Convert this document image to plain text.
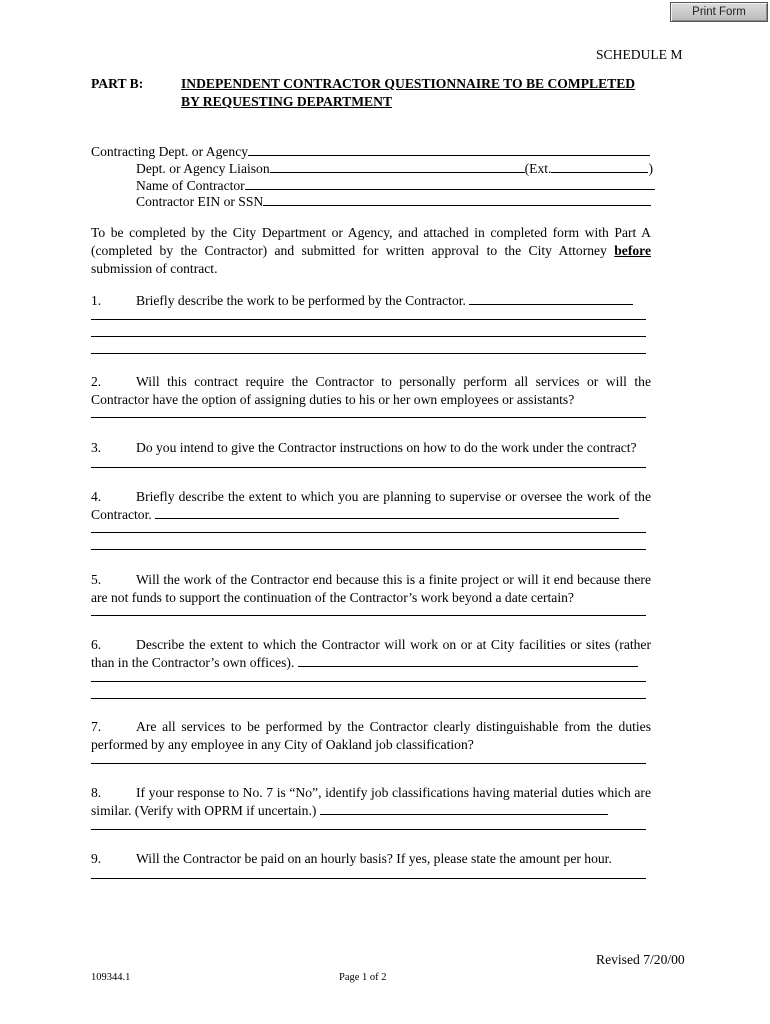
Print Form
SCHEDULE M
PART B:	INDEPENDENT CONTRACTOR QUESTIONNAIRE TO BE COMPLETED
BY REQUESTING DEPARTMENT
Contracting Dept. or Agency
Dept. or Agency Liaison	(Ext.	)
Name of Contractor
Contractor EIN or SSN
To be completed by the City Department or Agency, and attached in completed form with Part A (completed by the Contractor) and submitted for written approval to the City Attorney before submission of contract.
1.	Briefly describe the work to be performed by the Contractor.
2.	Will this contract require the Contractor to personally perform all services or will the Contractor have the option of assigning duties to his or her own employees or assistants?
3.	Do you intend to give the Contractor instructions on how to do the work under the contract?
4.	Briefly describe the extent to which you are planning to supervise or oversee the work of the Contractor.
5.	Will the work of the Contractor end because this is a finite project or will it end because there are not funds to support the continuation of the Contractor’s work beyond a date certain?
6.	Describe the extent to which the Contractor will work on or at City facilities or sites (rather than in the Contractor’s own offices).
7.	Are all services to be performed by the Contractor clearly distinguishable from the duties performed by any employee in any City of Oakland job classification?
8.	If your response to No. 7 is “No”, identify job classifications having material duties which are similar. (Verify with OPRM if uncertain.)
9.	Will the Contractor be paid on an hourly basis? If yes, please state the amount per hour.
Revised 7/20/00
109344.1	Page 1 of 2
